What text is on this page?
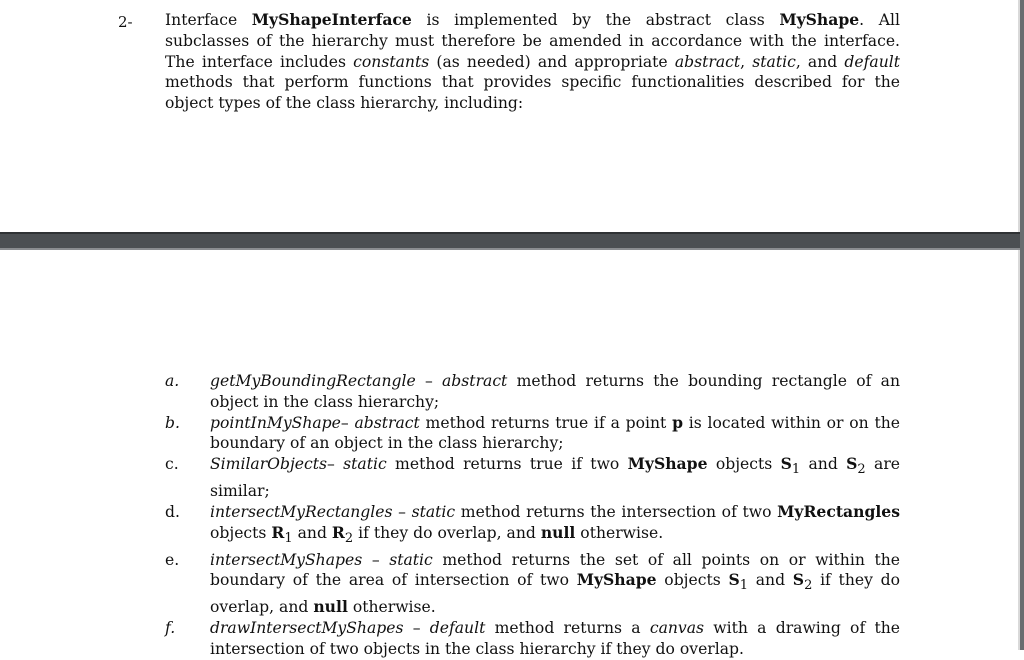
2- Interface MyShapeInterface is implemented by the abstract class MyShape. All subclasses of the hierarchy must therefore be amended in accordance with the interface. The interface includes constants (as needed) and appropriate abstract, static, and default methods that perform functions that provides specific functionalities described for the object types of the class hierarchy, including:

a.	getMyBoundingRectangle – abstract method returns the bounding rectangle of an object in the class hierarchy;
b.	pointInMyShape– abstract method returns true if a point p is located within or on the boundary of an object in the class hierarchy;
c.	SimilarObjects– static method returns true if two MyShape objects $S_1$ and $S_2$ are similar;
d.	intersectMyRectangles – static method returns the intersection of two MyRectangles objects $R_1$ and $R_2$ if they do overlap, and null otherwise.
e.	intersectMyShapes – static method returns the set of all points on or within the boundary of the area of intersection of two MyShape objects $S_1$ and $S_2$ if they do overlap, and null otherwise.
f.	drawIntersectMyShapes – default method returns a canvas with a drawing of the intersection of two objects in the class hierarchy if they do overlap.
